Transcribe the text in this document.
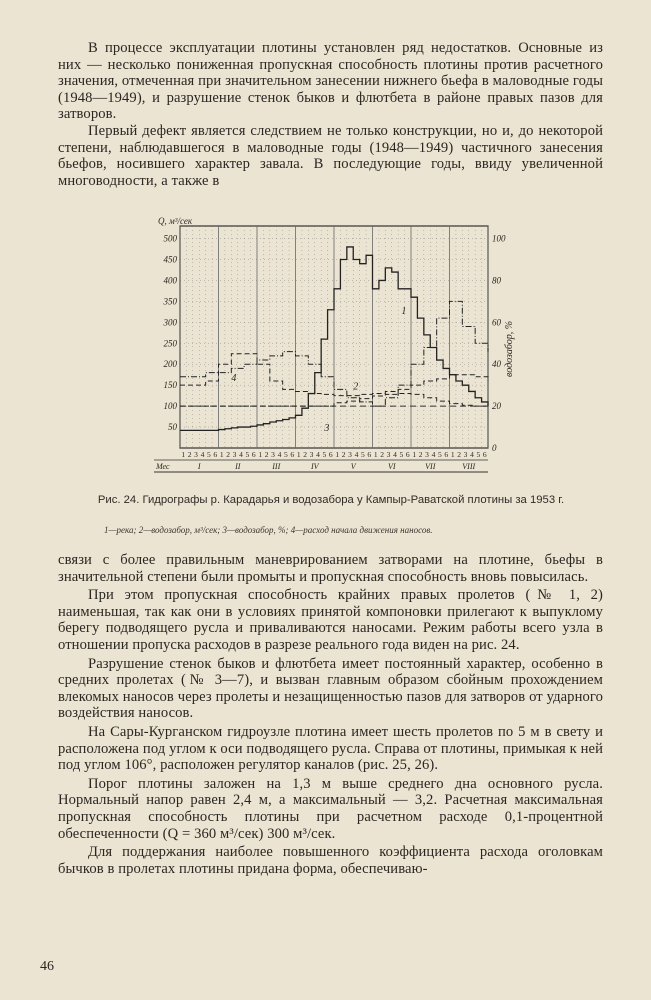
В процессе эксплуатации плотины установлен ряд недостатков. Основные из них — несколько пониженная пропускная способность плотины против расчетного значения, отмеченная при значительном занесении нижнего бьефа в маловодные годы (1948—1949), и разрушение стенок быков и флютбета в районе правых пазов для затворов.

Первый дефект является следствием не только конструкции, но и, до некоторой степени, наблюдавшегося в маловодные годы (1948—1949) частичного занесения бьефов, носившего характер завала. В последующие годы, ввиду увеличенной многоводности, а также в

50
100
150
200
250
300
350
400
450
500
0
20
40
60
80
100
Q, м³/сек
водозабор, %
1 2 3 4 5 6 1 2 3 4 5 6 1 2 3 4 5 6 1 2 3 4 5 6 1 2 3 4 5 6 1 2 3 4 5 6 1 2 3 4 5 6 1 2 3 4 5 6
I	II	III	IV	V	VI	VII	VIII
Мес
1
2
3
4
Рис. 24. Гидрографы р. Карадарья и водозабора у Кампыр-Раватской плотины за 1953 г.
1—река; 2—водозабор, м³/сек; 3—водозабор, %; 4—расход начала движения наносов.

связи с более правильным маневрированием затворами на плотине, бьефы в значительной степени были промыты и пропускная способность вновь повысилась.

При этом пропускная способность крайних правых пролетов (№ 1, 2) наименьшая, так как они в условиях принятой компоновки прилегают к выпуклому берегу подводящего русла и приваливаются наносами. Режим работы всего узла в отношении пропуска расходов в разрезе реального года виден на рис. 24.

Разрушение стенок быков и флютбета имеет постоянный характер, особенно в средних пролетах (№ 3—7), и вызван главным образом сбойным прохождением влекомых наносов через пролеты и незащищенностью пазов для затворов от ударного воздействия наносов.

На Сары-Курганском гидроузле плотина имеет шесть пролетов по 5 м в свету и расположена под углом к оси подводящего русла. Справа от плотины, примыкая к ней под углом 106°, расположен регулятор каналов (рис. 25, 26).

Порог плотины заложен на 1,3 м выше среднего дна основного русла. Нормальный напор равен 2,4 м, а максимальный — 3,2. Расчетная максимальная пропускная способность плотины при расчетном расходе 0,1-процентной обеспеченности (Q = 360 м³/сек) 300 м³/сек.

Для поддержания наиболее повышенного коэффициента расхода оголовкам бычков в пролетах плотины придана форма, обеспечиваю-

46
